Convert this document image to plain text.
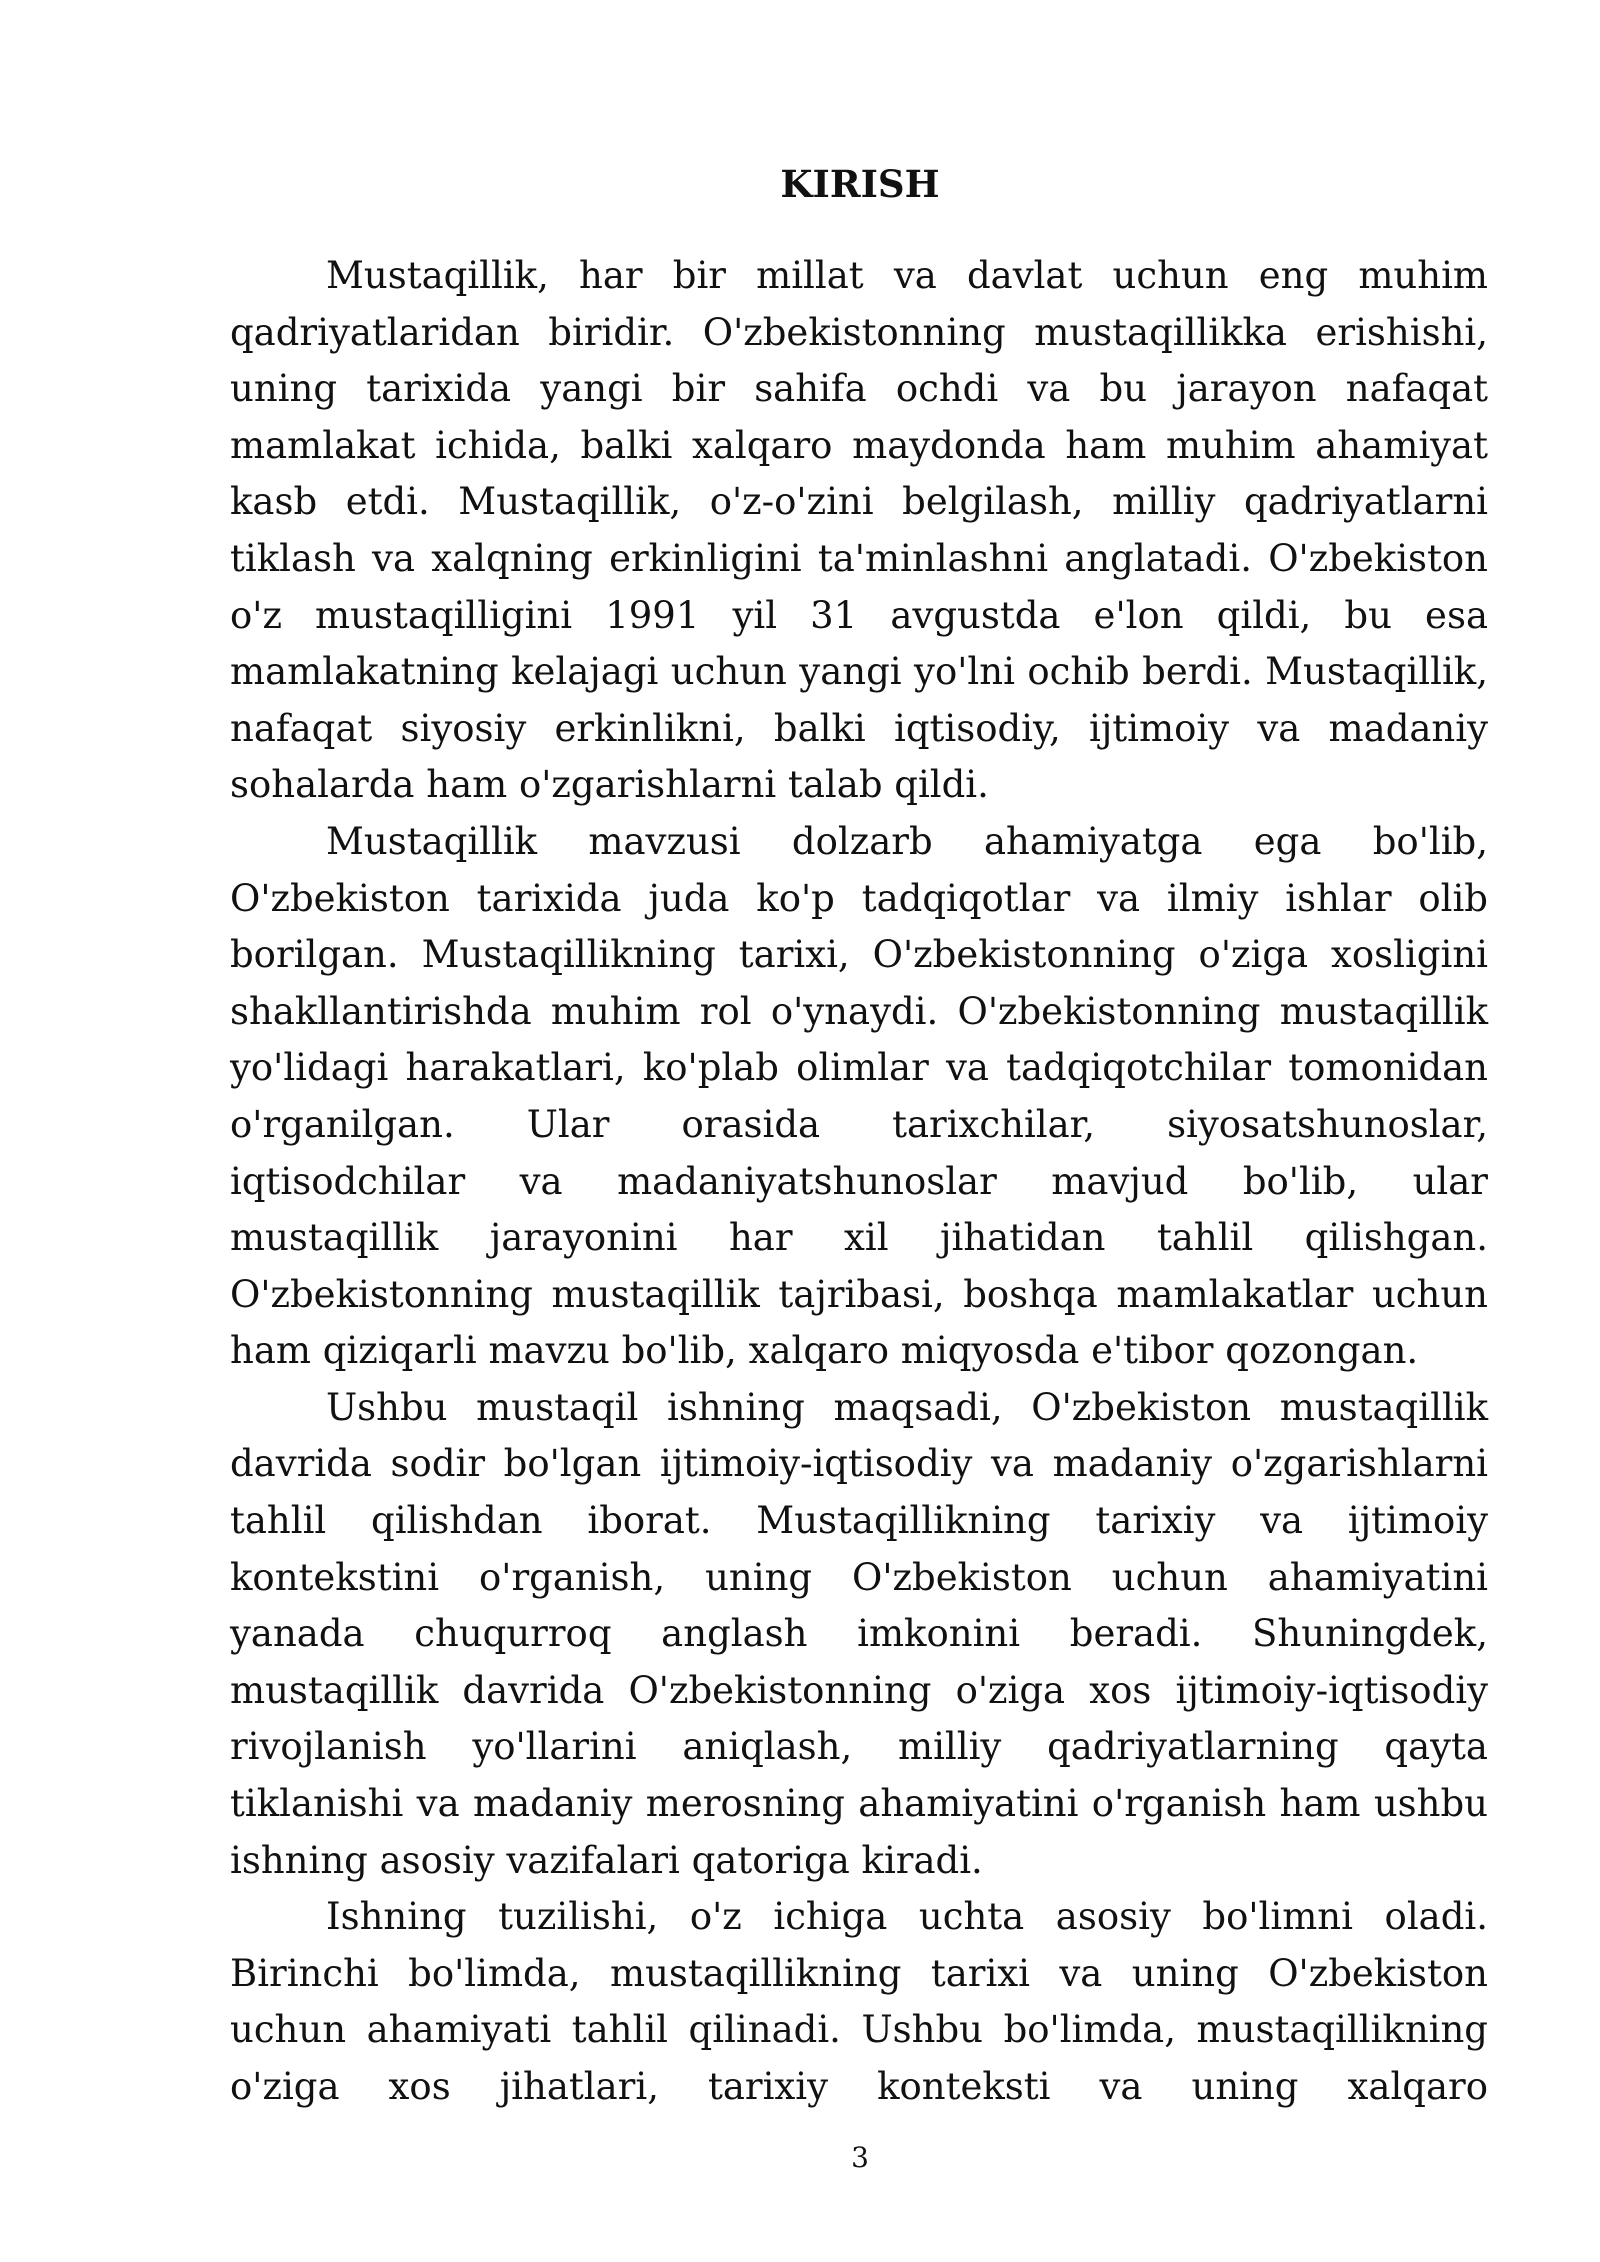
KIRISH

Mustaqillik, har bir millat va davlat uchun eng muhim qadriyatlaridan biridir. O'zbekistonning mustaqillikka erishishi, uning tarixida yangi bir sahifa ochdi va bu jarayon nafaqat mamlakat ichida, balki xalqaro maydonda ham muhim ahamiyat kasb etdi. Mustaqillik, o'z-o'zini belgilash, milliy qadriyatlarni tiklash va xalqning erkinligini ta'minlashni anglatadi. O'zbekiston o'z mustaqilligini 1991 yil 31 avgustda e'lon qildi, bu esa mamlakatning kelajagi uchun yangi yo'lni ochib berdi. Mustaqillik, nafaqat siyosiy erkinlikni, balki iqtisodiy, ijtimoiy va madaniy sohalarda ham o'zgarishlarni talab qildi.

Mustaqillik mavzusi dolzarb ahamiyatga ega bo'lib, O'zbekiston tarixida juda ko'p tadqiqotlar va ilmiy ishlar olib borilgan. Mustaqillikning tarixi, O'zbekistonning o'ziga xosligini shakllantirishda muhim rol o'ynaydi. O'zbekistonning mustaqillik yo'lidagi harakatlari, ko'plab olimlar va tadqiqotchilar tomonidan o'rganilgan. Ular orasida tarixchilar, siyosatshunoslar, iqtisodchilar va madaniyatshunoslar mavjud bo'lib, ular mustaqillik jarayonini har xil jihatidan tahlil qilishgan. O'zbekistonning mustaqillik tajribasi, boshqa mamlakatlar uchun ham qiziqarli mavzu bo'lib, xalqaro miqyosda e'tibor qozongan.

Ushbu mustaqil ishning maqsadi, O'zbekiston mustaqillik davrida sodir bo'lgan ijtimoiy-iqtisodiy va madaniy o'zgarishlarni tahlil qilishdan iborat. Mustaqillikning tarixiy va ijtimoiy kontekstini o'rganish, uning O'zbekiston uchun ahamiyatini yanada chuqurroq anglash imkonini beradi. Shuningdek, mustaqillik davrida O'zbekistonning o'ziga xos ijtimoiy-iqtisodiy rivojlanish yo'llarini aniqlash, milliy qadriyatlarning qayta tiklanishi va madaniy merosning ahamiyatini o'rganish ham ushbu ishning asosiy vazifalari qatoriga kiradi.

Ishning tuzilishi, o'z ichiga uchta asosiy bo'limni oladi. Birinchi bo'limda, mustaqillikning tarixi va uning O'zbekiston uchun ahamiyati tahlil qilinadi. Ushbu bo'limda, mustaqillikning o'ziga xos jihatlari, tarixiy konteksti va uning xalqaro

3
